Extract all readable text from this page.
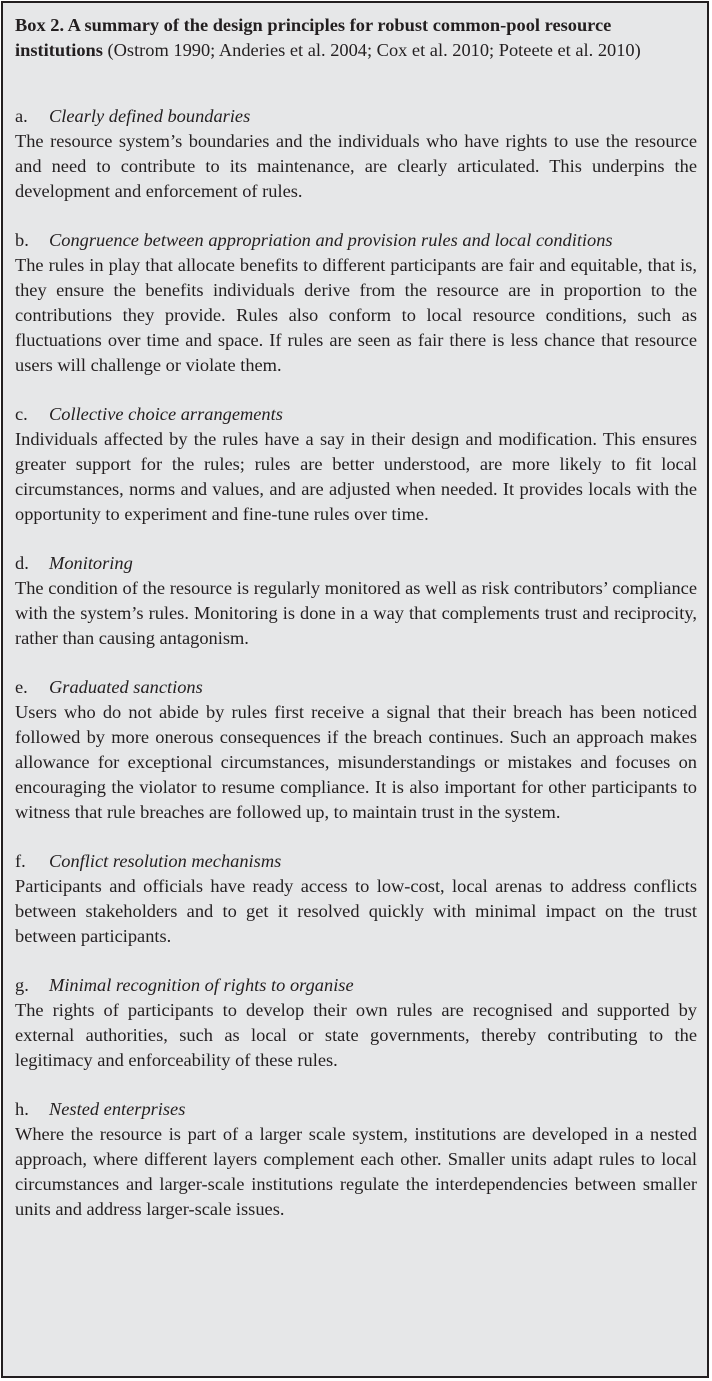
Box 2. A summary of the design principles for robust common-pool resource institutions (Ostrom 1990; Anderies et al. 2004; Cox et al. 2010; Poteete et al. 2010)

a.	Clearly defined boundaries

The resource system’s boundaries and the individuals who have rights to use the resource and need to contribute to its maintenance, are clearly articulated. This underpins the development and enforcement of rules.

b.	Congruence between appropriation and provision rules and local conditions

The rules in play that allocate benefits to different participants are fair and equitable, that is, they ensure the benefits individuals derive from the resource are in proportion to the contributions they provide. Rules also conform to local resource conditions, such as fluctuations over time and space. If rules are seen as fair there is less chance that resource users will challenge or violate them.

c.	Collective choice arrangements

Individuals affected by the rules have a say in their design and modification. This ensures greater support for the rules; rules are better understood, are more likely to fit local circumstances, norms and values, and are adjusted when needed. It provides locals with the opportunity to experiment and fine-tune rules over time.

d.	Monitoring

The condition of the resource is regularly monitored as well as risk contributors’ compliance with the system’s rules. Monitoring is done in a way that complements trust and reciprocity, rather than causing antagonism.

e.	Graduated sanctions

Users who do not abide by rules first receive a signal that their breach has been noticed followed by more onerous consequences if the breach continues. Such an approach makes allowance for exceptional circumstances, misunderstandings or mistakes and focuses on encouraging the violator to resume compliance. It is also important for other participants to witness that rule breaches are followed up, to maintain trust in the system.

f.	Conflict resolution mechanisms

Participants and officials have ready access to low-cost, local arenas to address conflicts between stakeholders and to get it resolved quickly with minimal impact on the trust between participants.

g.	Minimal recognition of rights to organise

The rights of participants to develop their own rules are recognised and supported by external authorities, such as local or state governments, thereby contributing to the legitimacy and enforceability of these rules.

h.	Nested enterprises

Where the resource is part of a larger scale system, institutions are developed in a nested approach, where different layers complement each other. Smaller units adapt rules to local circumstances and larger-scale institutions regulate the interdependencies between smaller units and address larger-scale issues.
